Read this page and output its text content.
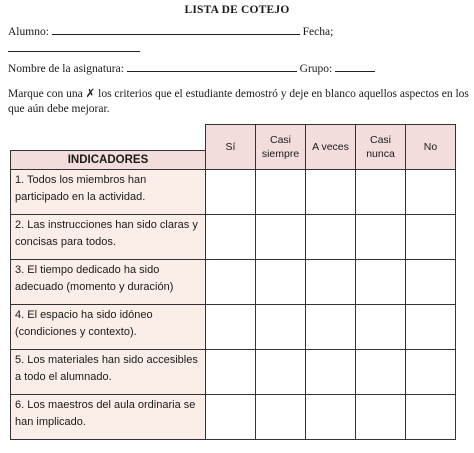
LISTA DE COTEJO
Alumno:	Fecha;
Nombre de la asignatura:	Grupo:
Marque con una ✗ los criterios que el estudiante demostró y deje en blanco aquellos aspectos en los que aún debe mejorar.
	Sí	Casi siempre	A veces	Casi nunca	No
INDICADORES					
1. Todos los miembros han participado en la actividad.					
2. Las instrucciones han sido claras y concisas para todos.					
3. El tiempo dedicado ha sido adecuado (momento y duración)					
4. El espacio ha sido idóneo (condiciones y contexto).					
5. Los materiales han sido accesibles a todo el alumnado.					
6. Los maestros del aula ordinaria se han implicado.					
